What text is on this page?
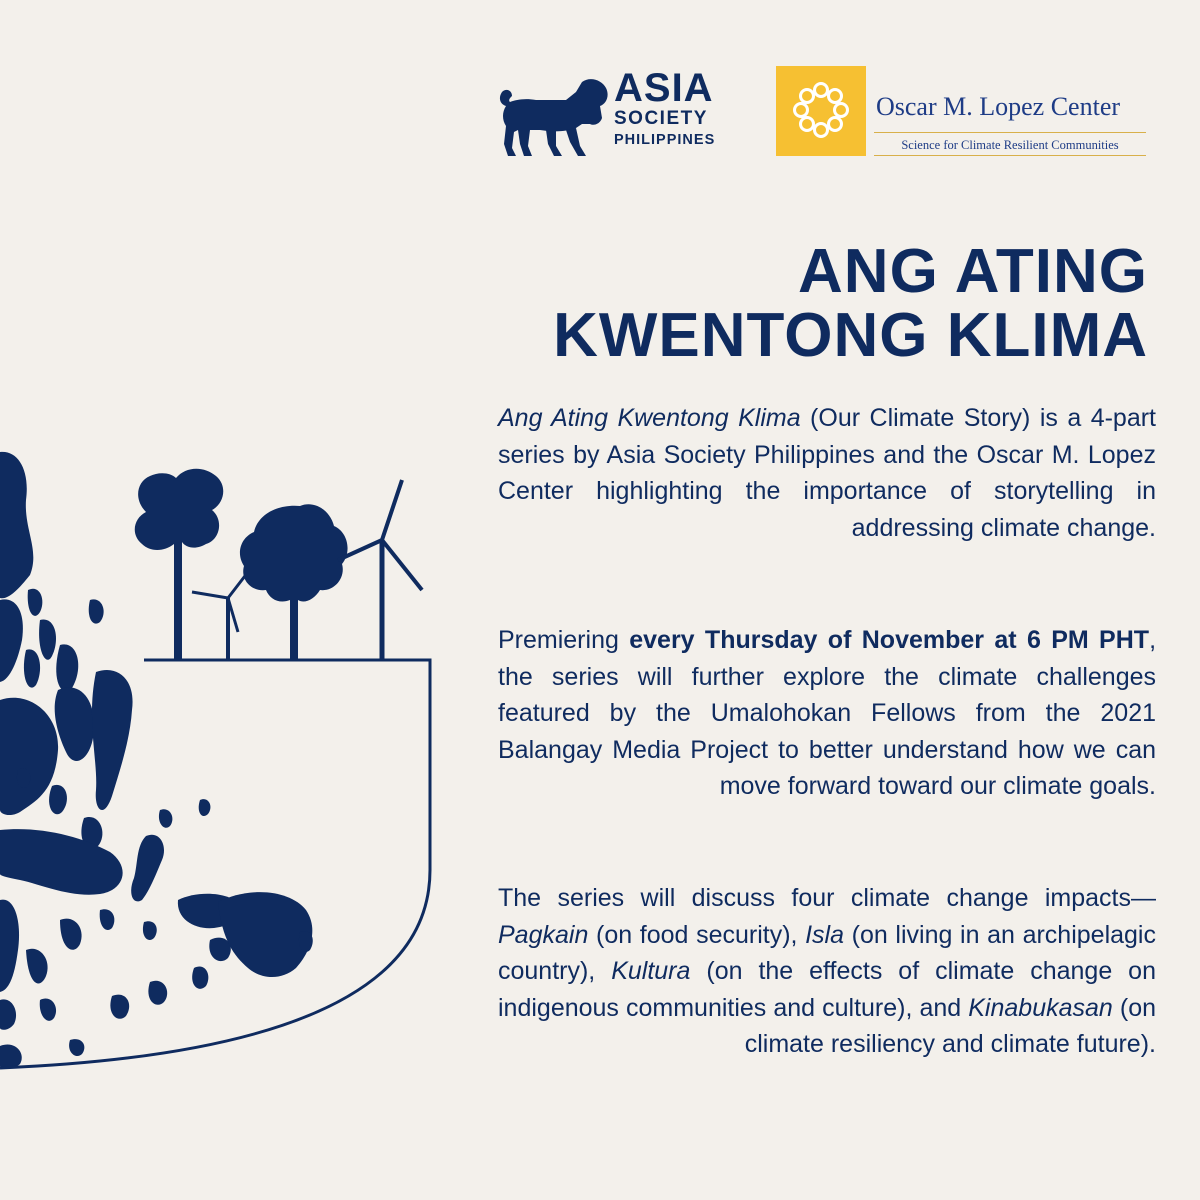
ASIA
SOCIETY
PHILIPPINES
Oscar M. Lopez Center
Science for Climate Resilient Communities
ANG ATING
KWENTONG KLIMA

Ang Ating Kwentong Klima (Our Climate Story) is a 4-part series by Asia Society Philippines and the Oscar M. Lopez Center highlighting the importance of storytelling in addressing climate change.

Premiering every Thursday of November at 6 PM PHT, the series will further explore the climate challenges featured by the Umalohokan Fellows from the 2021 Balangay Media Project to better understand how we can move forward toward our climate goals.

The series will discuss four climate change impacts— Pagkain (on food security), Isla (on living in an archipelagic country), Kultura (on the effects of climate change on indigenous communities and culture), and Kinabukasan (on climate resiliency and climate future).
